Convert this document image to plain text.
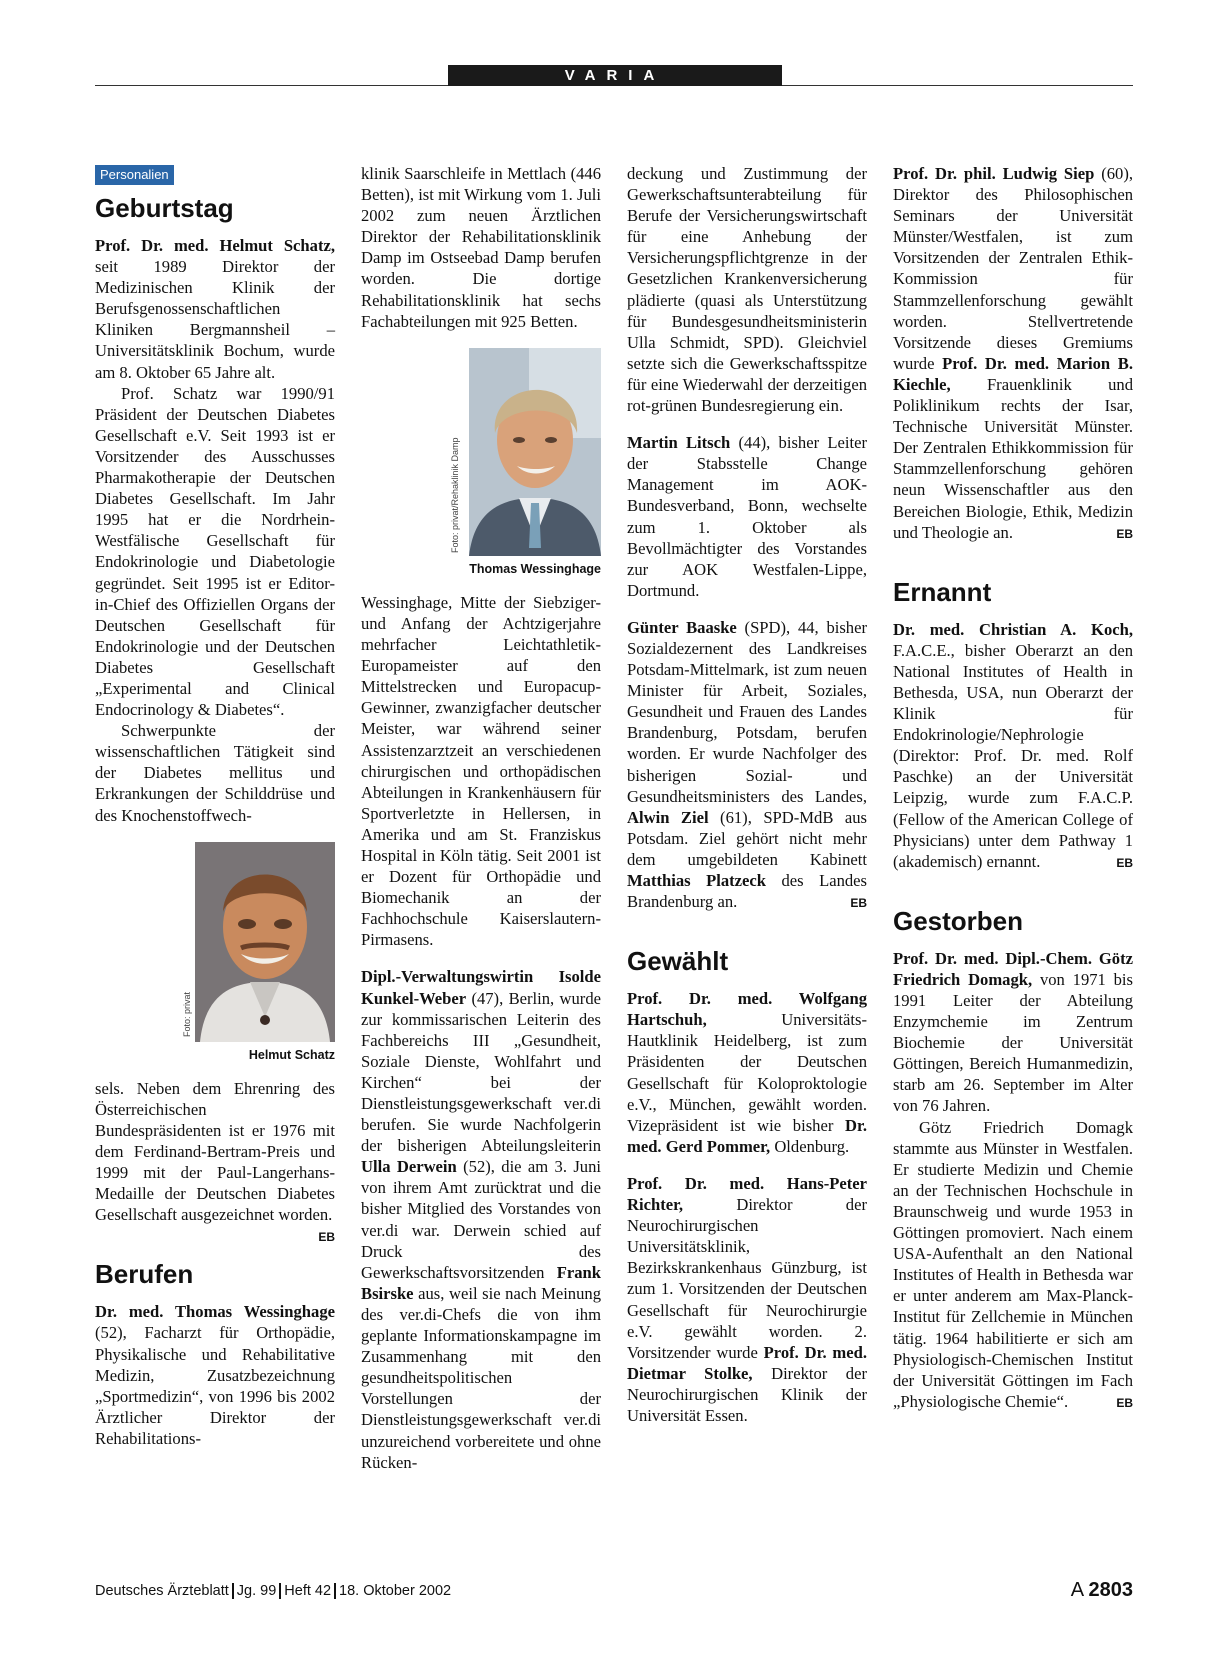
VARIA
Personalien
Geburtstag

Prof. Dr. med. Helmut Schatz, seit 1989 Direktor der Medizinischen Klinik der Berufsgenossenschaftlichen Kliniken Bergmannsheil – Universitätsklinik Bochum, wurde am 8. Oktober 65 Jahre alt.

Prof. Schatz war 1990/91 Präsident der Deutschen Diabetes Gesellschaft e.V. Seit 1993 ist er Vorsitzender des Ausschusses Pharmakotherapie der Deutschen Diabetes Gesellschaft. Im Jahr 1995 hat er die Nordrhein-Westfälische Gesellschaft für Endokrinologie und Diabetologie gegründet. Seit 1995 ist er Editor-in-Chief des Offiziellen Organs der Deutschen Gesellschaft für Endokrinologie und der Deutschen Diabetes Gesellschaft „Experimental and Clinical Endocrinology & Diabetes“.

Schwerpunkte der wissenschaftlichen Tätigkeit sind der Diabetes mellitus und Erkrankungen der Schilddrüse und des Knochenstoffwech-

Foto: privat
Helmut Schatz

sels. Neben dem Ehrenring des Österreichischen Bundespräsidenten ist er 1976 mit dem Ferdinand-Bertram-Preis und 1999 mit der Paul-Langerhans-Medaille der Deutschen Diabetes Gesellschaft ausgezeichnet worden.
EB

Berufen

Dr. med. Thomas Wessinghage (52), Facharzt für Orthopädie, Physikalische und Rehabilitative Medizin, Zusatzbezeichnung „Sportmedizin“, von 1996 bis 2002 Ärztlicher Direktor der Rehabilitations-

klinik Saarschleife in Mettlach (446 Betten), ist mit Wirkung vom 1. Juli 2002 zum neuen Ärztlichen Direktor der Rehabilitationsklinik Damp im Ostseebad Damp berufen worden. Die dortige Rehabilitationsklinik hat sechs Fachabteilungen mit 925 Betten.

Foto: privat/Rehaklinik Damp
Thomas Wessinghage

Wessinghage, Mitte der Siebziger- und Anfang der Achtzigerjahre mehrfacher Leichtathletik-Europameister auf den Mittelstrecken und Europacup-Gewinner, zwanzigfacher deutscher Meister, war während seiner Assistenzarztzeit an verschiedenen chirurgischen und orthopädischen Abteilungen in Krankenhäusern für Sportverletzte in Hellersen, in Amerika und am St. Franziskus Hospital in Köln tätig. Seit 2001 ist er Dozent für Orthopädie und Biomechanik an der Fachhochschule Kaiserslautern-Pirmasens.

Dipl.-Verwaltungswirtin Isolde Kunkel-Weber (47), Berlin, wurde zur kommissarischen Leiterin des Fachbereichs III „Gesundheit, Soziale Dienste, Wohlfahrt und Kirchen“ bei der Dienstleistungsgewerkschaft ver.di berufen. Sie wurde Nachfolgerin der bisherigen Abteilungsleiterin Ulla Derwein (52), die am 3. Juni von ihrem Amt zurücktrat und die bisher Mitglied des Vorstandes von ver.di war. Derwein schied auf Druck des Gewerkschaftsvorsitzenden Frank Bsirske aus, weil sie nach Meinung des ver.di-Chefs die von ihm geplante Informationskampagne im Zusammenhang mit den gesundheitspolitischen Vorstellungen der Dienstleistungsgewerkschaft ver.di unzureichend vorbereitete und ohne Rücken-

deckung und Zustimmung der Gewerkschaftsunterabteilung für Berufe der Versicherungswirtschaft für eine Anhebung der Versicherungspflichtgrenze in der Gesetzlichen Krankenversicherung plädierte (quasi als Unterstützung für Bundesgesundheitsministerin Ulla Schmidt, SPD). Gleichviel setzte sich die Gewerkschaftsspitze für eine Wiederwahl der derzeitigen rot-grünen Bundesregierung ein.

Martin Litsch (44), bisher Leiter der Stabsstelle Change Management im AOK-Bundesverband, Bonn, wechselte zum 1. Oktober als Bevollmächtigter des Vorstandes zur AOK Westfalen-Lippe, Dortmund.

Günter Baaske (SPD), 44, bisher Sozialdezernent des Landkreises Potsdam-Mittelmark, ist zum neuen Minister für Arbeit, Soziales, Gesundheit und Frauen des Landes Brandenburg, Potsdam, berufen worden. Er wurde Nachfolger des bisherigen Sozial- und Gesundheitsministers des Landes, Alwin Ziel (61), SPD-MdB aus Potsdam. Ziel gehört nicht mehr dem umgebildeten Kabinett Matthias Platzeck des Landes Brandenburg an.	EB

Gewählt

Prof. Dr. med. Wolfgang Hartschuh, Universitäts-Hautklinik Heidelberg, ist zum Präsidenten der Deutschen Gesellschaft für Koloproktologie e.V., München, gewählt worden. Vizepräsident ist wie bisher Dr. med. Gerd Pommer, Oldenburg.

Prof. Dr. med. Hans-Peter Richter, Direktor der Neurochirurgischen Universitätsklinik, Bezirkskrankenhaus Günzburg, ist zum 1. Vorsitzenden der Deutschen Gesellschaft für Neurochirurgie e.V. gewählt worden. 2. Vorsitzender wurde Prof. Dr. med. Dietmar Stolke, Direktor der Neurochirurgischen Klinik der Universität Essen.

Prof. Dr. phil. Ludwig Siep (60), Direktor des Philosophischen Seminars der Universität Münster/Westfalen, ist zum Vorsitzenden der Zentralen Ethik-Kommission für Stammzellenforschung gewählt worden. Stellvertretende Vorsitzende dieses Gremiums wurde Prof. Dr. med. Marion B. Kiechle, Frauenklinik und Poliklinikum rechts der Isar, Technische Universität Münster. Der Zentralen Ethikkommission für Stammzellenforschung gehören neun Wissenschaftler aus den Bereichen Biologie, Ethik, Medizin und Theologie an.	EB

Ernannt

Dr. med. Christian A. Koch, F.A.C.E., bisher Oberarzt an den National Institutes of Health in Bethesda, USA, nun Oberarzt der Klinik für Endokrinologie/Nephrologie (Direktor: Prof. Dr. med. Rolf Paschke) an der Universität Leipzig, wurde zum F.A.C.P. (Fellow of the American College of Physicians) unter dem Pathway 1 (akademisch) ernannt.	EB

Gestorben

Prof. Dr. med. Dipl.-Chem. Götz Friedrich Domagk, von 1971 bis 1991 Leiter der Abteilung Enzymchemie im Zentrum Biochemie der Universität Göttingen, Bereich Humanmedizin, starb am 26. September im Alter von 76 Jahren.

Götz Friedrich Domagk stammte aus Münster in Westfalen. Er studierte Medizin und Chemie an der Technischen Hochschule in Braunschweig und wurde 1953 in Göttingen promoviert. Nach einem USA-Aufenthalt an den National Institutes of Health in Bethesda war er unter anderem am Max-Planck-Institut für Zellchemie in München tätig. 1964 habilitierte er sich am Physiologisch-Chemischen Institut der Universität Göttingen im Fach „Physiologische Chemie“.	EB

Deutsches Ärzteblatt Jg. 99 Heft 42 18. Oktober 2002	A 2803
